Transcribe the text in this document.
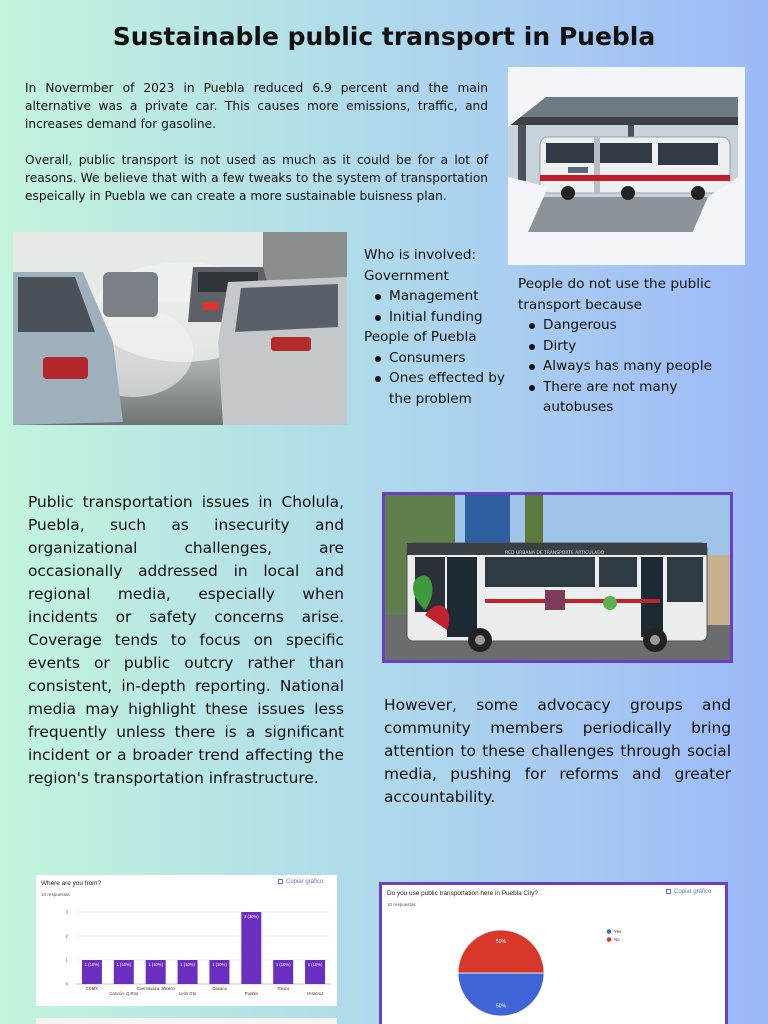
Sustainable public transport in Puebla

In Novermber of 2023 in Puebla reduced 6.9 percent and the main alternative was a private car. This causes more emissions, traffic, and increases demand for gasoline.

Overall, public transport is not used as much as it could be for a lot of reasons. We believe that with a few tweaks to the system of transportation espeically in Puebla we can create a more sustainable buisness plan.

Who is involved:
Government
Management
Initial funding
People of Puebla
Consumers
Ones effected by the problem
People do not use the public transport because
Dangerous
Dirty
Always has many people
There are not many autobuses

Public transportation issues in Cholula, Puebla, such as insecurity and organizational challenges, are occasionally addressed in local and regional media, especially when incidents or safety concerns arise. Coverage tends to focus on specific events or public outcry rather than consistent, in-depth reporting. National media may highlight these issues less frequently unless there is a significant incident or a broader trend affecting the region's transportation infrastructure.

RED URBANA DE TRANSPORTE ARTICULADO

However, some advocacy groups and community members periodically bring attention to these challenges through social media, pushing for reforms and greater accountability.

Where are you from?	Copiar gráfico
10 respuestas
0
1
2
3
1 (10%)
CDMX
1 (10%)
Cancún, Q.Roo
1 (10%)
Cuernavaca, Mexico
1 (10%)
León Gto
1 (10%)
Oaxaca
3 (30%)
Puebla
1 (10%)
Toluca
1 (10%)
Veracruz
Do you use public transportation here in Puebla City?	Copiar gráfico
10 respuestas
50%
50%
Yes
No
